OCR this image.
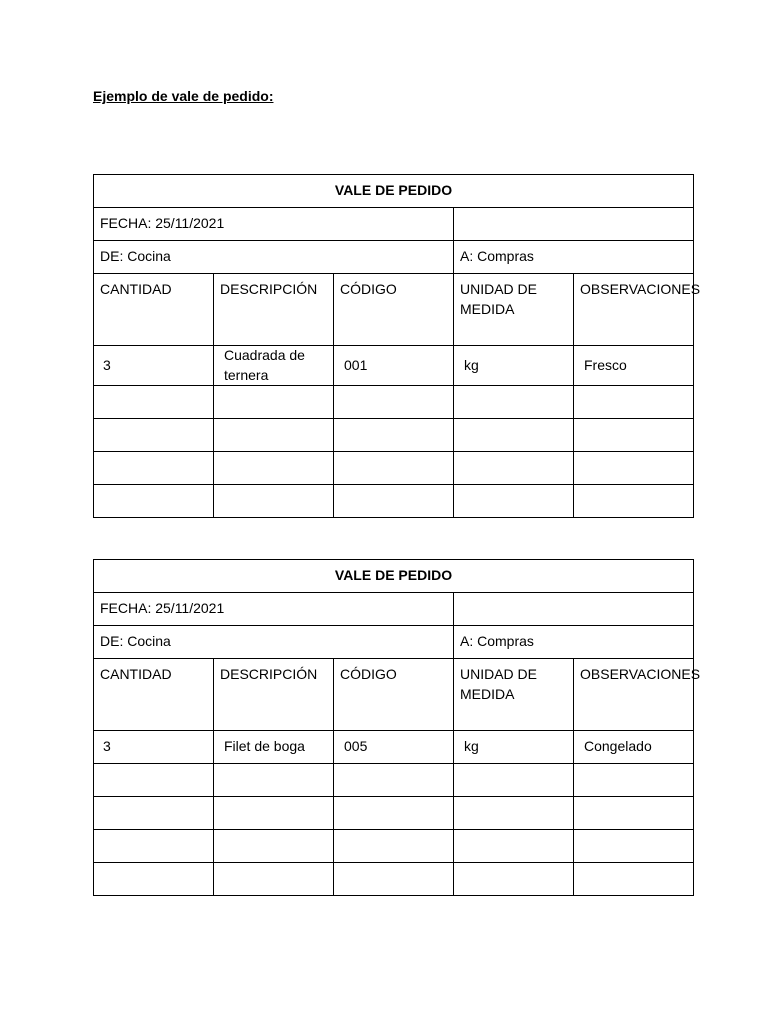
Ejemplo de vale de pedido:
VALE DE PEDIDO				
FECHA: 25/11/2021				
DE: Cocina			A: Compras	
CANTIDAD	DESCRIPCIÓN	CÓDIGO	UNIDAD DE MEDIDA	OBSERVACIONES
3	Cuadrada de ternera	001	kg	Fresco

VALE DE PEDIDO				
FECHA: 25/11/2021				
DE: Cocina			A: Compras	
CANTIDAD	DESCRIPCIÓN	CÓDIGO	UNIDAD DE MEDIDA	OBSERVACIONES
3	Filet de boga	005	kg	Congelado
